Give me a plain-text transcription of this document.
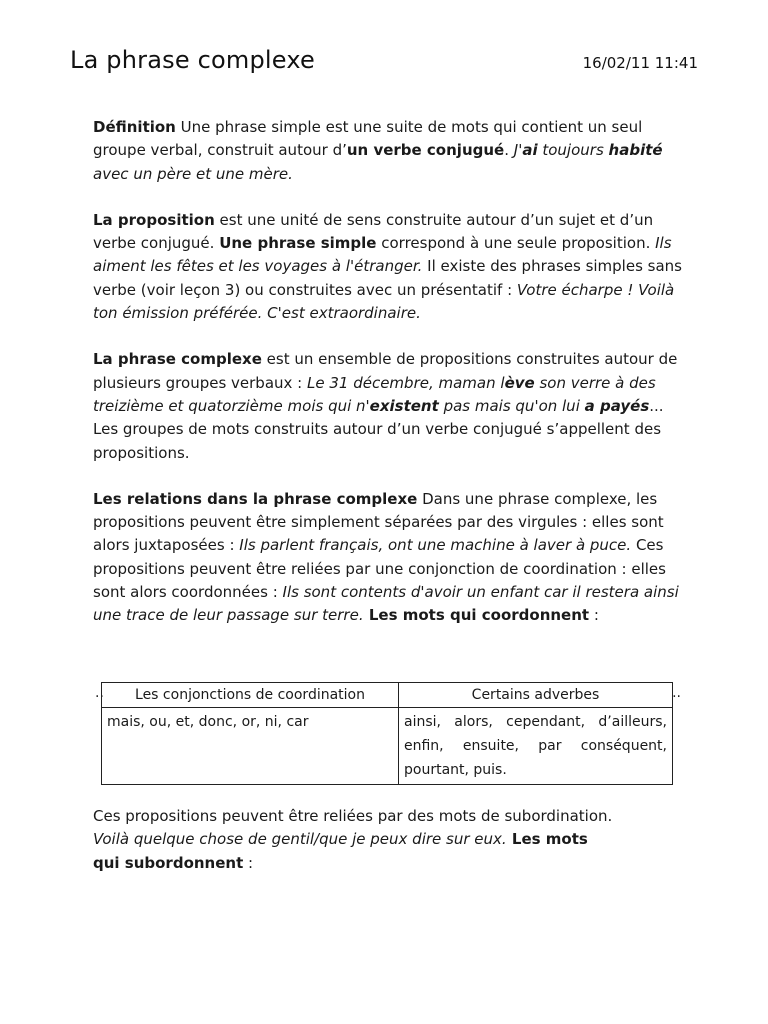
La phrase complexe	16/02/11 11:41

Définition Une phrase simple est une suite de mots qui contient un seul groupe verbal, construit autour d’un verbe conjugué. J'ai toujours habité avec un père et une mère.

La proposition est une unité de sens construite autour d’un sujet et d’un verbe conjugué. Une phrase simple correspond à une seule proposition. Ils aiment les fêtes et les voyages à l'étranger. Il existe des phrases simples sans verbe (voir leçon 3) ou construites avec un présentatif : Votre écharpe ! Voilà ton émission préférée. C'est extraordinaire.

La phrase complexe est un ensemble de propositions construites autour de plusieurs groupes verbaux : Le 31 décembre, maman lève son verre à des treizième et quatorzième mois qui n'existent pas mais qu'on lui a payés... Les groupes de mots construits autour d’un verbe conjugué s’appellent des propositions.

Les relations dans la phrase complexe Dans une phrase complexe, les propositions peuvent être simplement séparées par des virgules : elles sont alors juxtaposées : Ils parlent français, ont une machine à laver à puce. Ces propositions peuvent être reliées par une conjonction de coordination : elles sont alors coordonnées : Ils sont contents d'avoir un enfant car il restera ainsi une trace de leur passage sur terre. Les mots qui coordonnent :

..	..
Les conjonctions de coordination	Certains adverbes
mais, ou, et, donc, or, ni, car	ainsi, alors, cependant, d’ailleurs, enfin, ensuite, par conséquent, pourtant, puis.

Ces propositions peuvent être reliées par des mots de subordination. Voilà quelque chose de gentil/que je peux dire sur eux. Les mots qui subordonnent :
